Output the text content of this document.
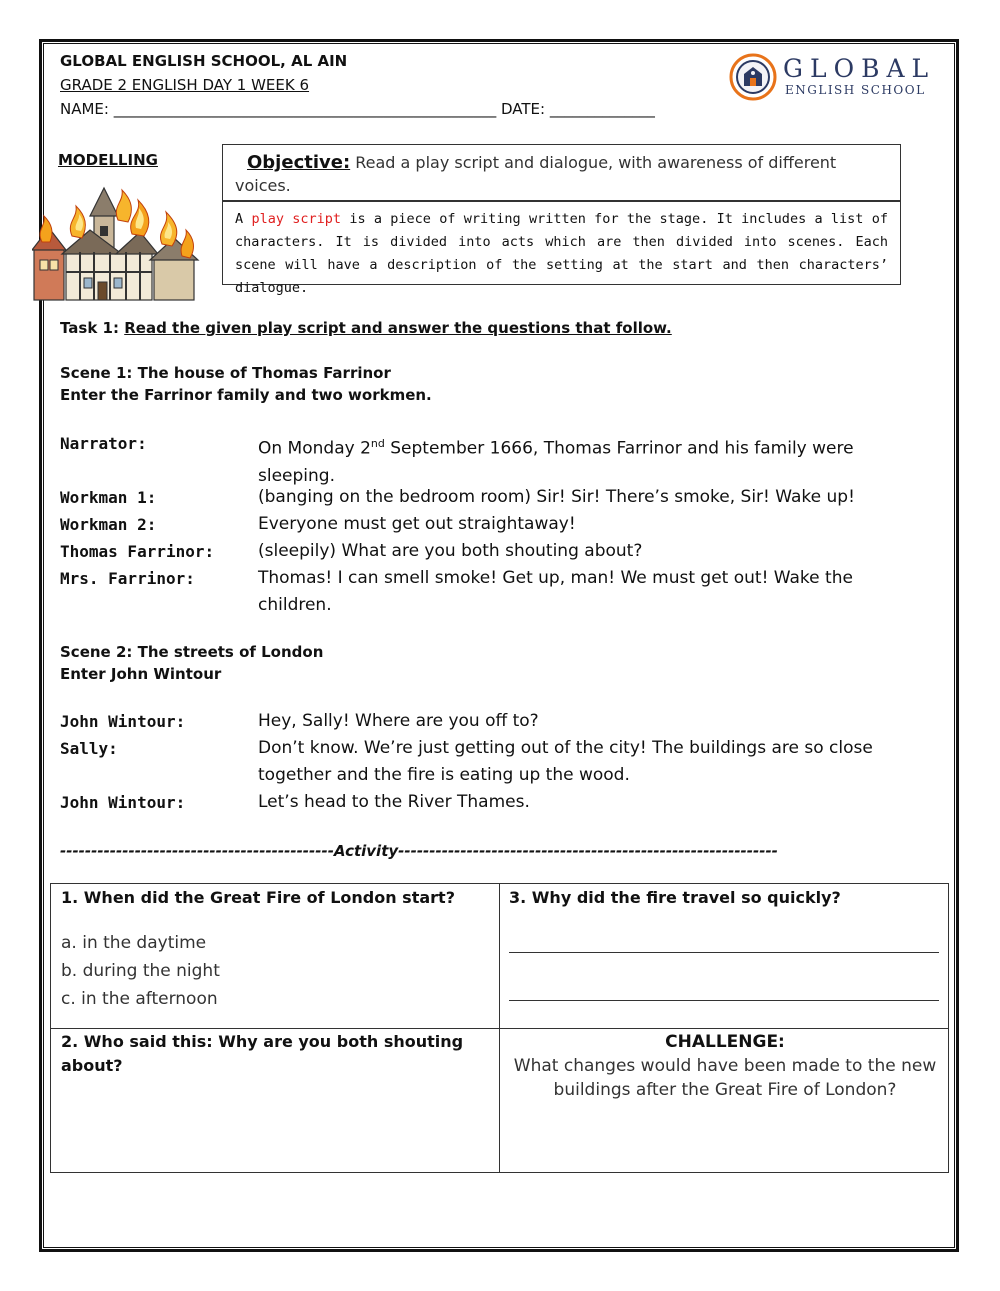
GLOBAL ENGLISH SCHOOL, AL AIN
GRADE 2 ENGLISH DAY 1 WEEK 6
NAME: ___________________________________________________ DATE: ______________
GLOBAL
ENGLISH SCHOOL
MODELLING	Objective: Read a play script and dialogue, with awareness of different voices.
A play script is a piece of writing written for the stage. It includes a list of characters. It is divided into acts which are then divided into scenes. Each scene will have a description of the setting at the start and then characters’ dialogue.
Task 1: Read the given play script and answer the questions that follow.
Scene 1: The house of Thomas Farrinor
Enter the Farrinor family and two workmen.
Narrator:	On Monday 2nd September 1666, Thomas Farrinor and his family were sleeping.
Workman 1:	(banging on the bedroom room) Sir! Sir! There’s smoke, Sir! Wake up!
Workman 2:	Everyone must get out straightaway!
Thomas Farrinor:	(sleepily) What are you both shouting about?
Mrs. Farrinor:	Thomas! I can smell smoke! Get up, man! We must get out! Wake the children.
Scene 2: The streets of London
Enter John Wintour
John Wintour:	Hey, Sally! Where are you off to?
Sally:	Don’t know. We’re just getting out of the city! The buildings are so close together and the fire is eating up the wood.
John Wintour:	Let’s head to the River Thames.
--------------------------------------------Activity-------------------------------------------------------------
1. When did the Great Fire of London start?
a. in the daytime
b. during the night
c. in the afternoon
3. Why did the fire travel so quickly?
2. Who said this: Why are you both shouting about?
CHALLENGE:
What changes would have been made to the new buildings after the Great Fire of London?
